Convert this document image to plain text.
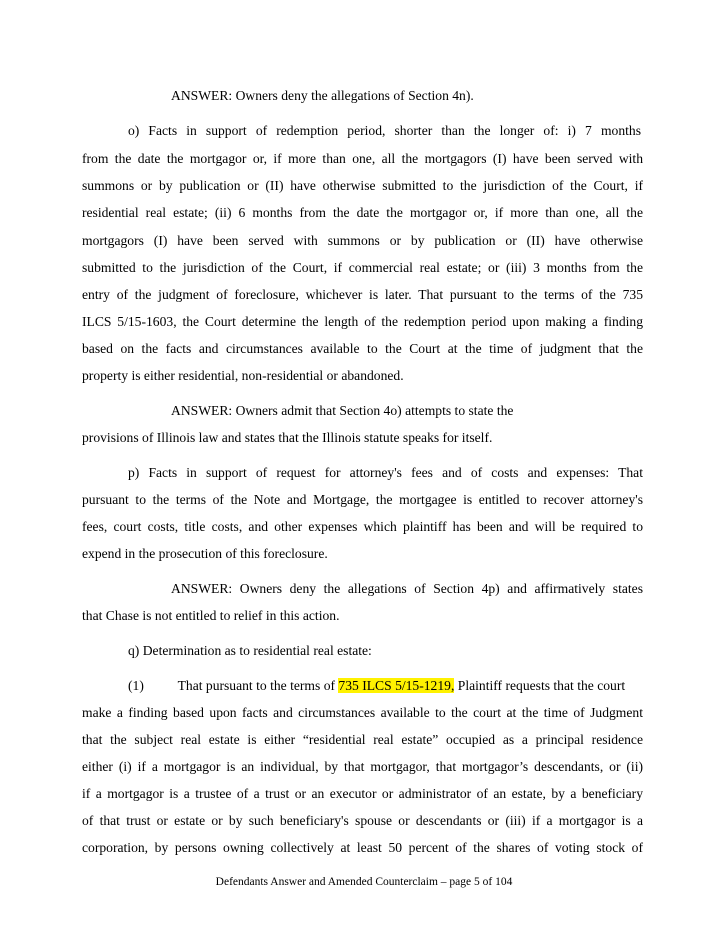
ANSWER: Owners deny the allegations of Section 4n).
o) Facts in support of redemption period, shorter than the longer of: i) 7 months
from the date the mortgagor or, if more than one, all the mortgagors (I) have been served with
summons or by publication or (II) have otherwise submitted to the jurisdiction of the Court, if
residential real estate; (ii) 6 months from the date the mortgagor or, if more than one, all the
mortgagors (I) have been served with summons or by publication or (II) have otherwise
submitted to the jurisdiction of the Court, if commercial real estate; or (iii) 3 months from the
entry of the judgment of foreclosure, whichever is later. That pursuant to the terms of the 735
ILCS 5/15-1603, the Court determine the length of the redemption period upon making a finding
based on the facts and circumstances available to the Court at the time of judgment that the
property is either residential, non-residential or abandoned.
ANSWER: Owners admit that Section 4o) attempts to state the
provisions of Illinois law and states that the Illinois statute speaks for itself.
p) Facts in support of request for attorney's fees and of costs and expenses: That
pursuant to the terms of the Note and Mortgage, the mortgagee is entitled to recover attorney's
fees, court costs, title costs, and other expenses which plaintiff has been and will be required to
expend in the prosecution of this foreclosure.
ANSWER: Owners deny the allegations of Section 4p) and affirmatively states
that Chase is not entitled to relief in this action.
q) Determination as to residential real estate:
(1)          That pursuant to the terms of 735 ILCS 5/15-1219, Plaintiff requests that the court
make a finding based upon facts and circumstances available to the court at the time of Judgment
that the subject real estate is either “residential real estate” occupied as a principal residence
either (i) if a mortgagor is an individual, by that mortgagor, that mortgagor’s descendants, or (ii)
if a mortgagor is a trustee of a trust or an executor or administrator of an estate, by a beneficiary
of that trust or estate or by such beneficiary's spouse or descendants or (iii) if a mortgagor is a
corporation, by persons owning collectively at least 50 percent of the shares of voting stock of
Defendants Answer and Amended Counterclaim – page 5 of 104
